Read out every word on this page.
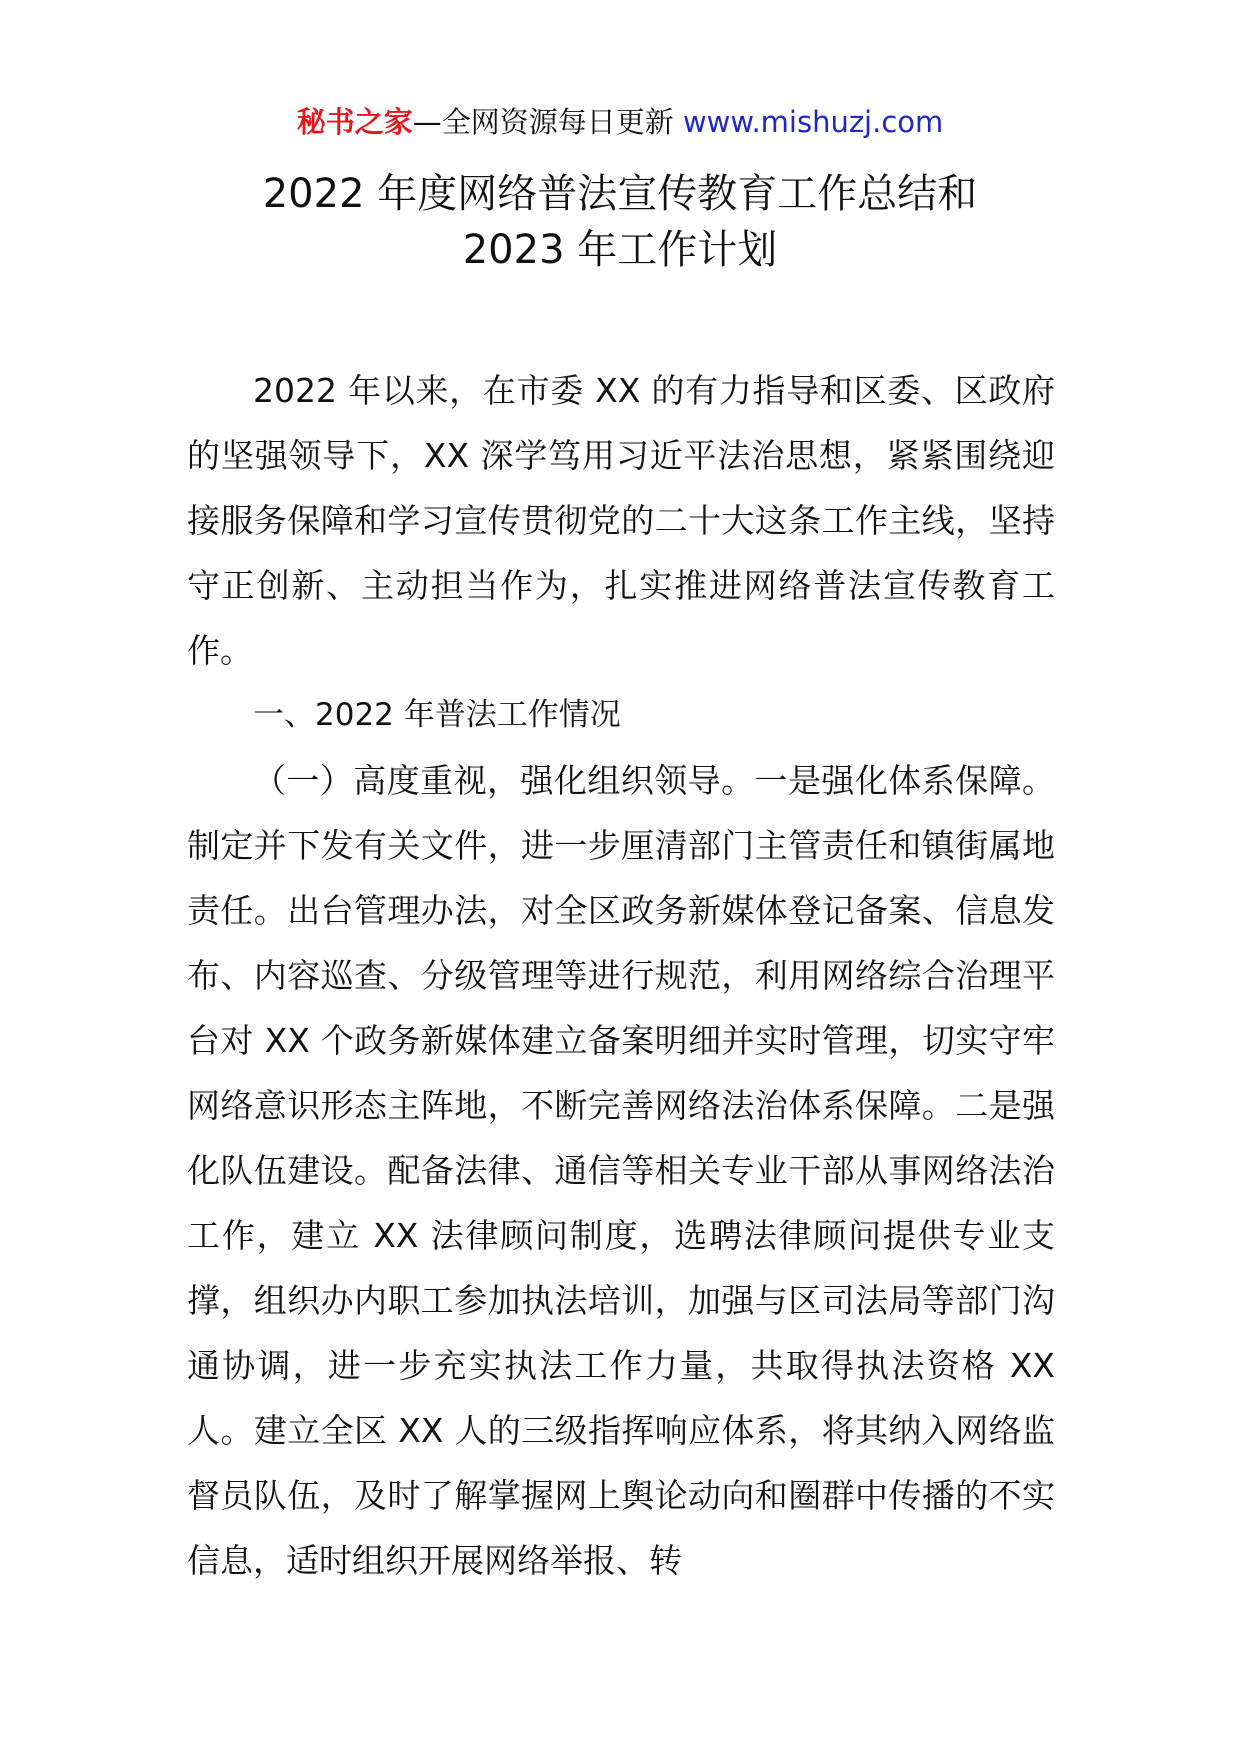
秘书之家—全网资源每日更新 www.mishuzj.com
2022 年度网络普法宣传教育工作总结和
2023 年工作计划

2022 年以来，在市委 XX 的有力指导和区委、区政府的坚强领导下，XX 深学笃用习近平法治思想，紧紧围绕迎接服务保障和学习宣传贯彻党的二十大这条工作主线，坚持守正创新、主动担当作为，扎实推进网络普法宣传教育工作。

一、2022 年普法工作情况

（一）高度重视，强化组织领导。一是强化体系保障。制定并下发有关文件，进一步厘清部门主管责任和镇街属地责任。出台管理办法，对全区政务新媒体登记备案、信息发布、内容巡查、分级管理等进行规范，利用网络综合治理平台对 XX 个政务新媒体建立备案明细并实时管理，切实守牢网络意识形态主阵地，不断完善网络法治体系保障。二是强化队伍建设。配备法律、通信等相关专业干部从事网络法治工作，建立 XX 法律顾问制度，选聘法律顾问提供专业支撑，组织办内职工参加执法培训，加强与区司法局等部门沟通协调，进一步充实执法工作力量，共取得执法资格 XX 人。建立全区 XX 人的三级指挥响应体系，将其纳入网络监督员队伍，及时了解掌握网上舆论动向和圈群中传播的不实信息，适时组织开展网络举报、转
